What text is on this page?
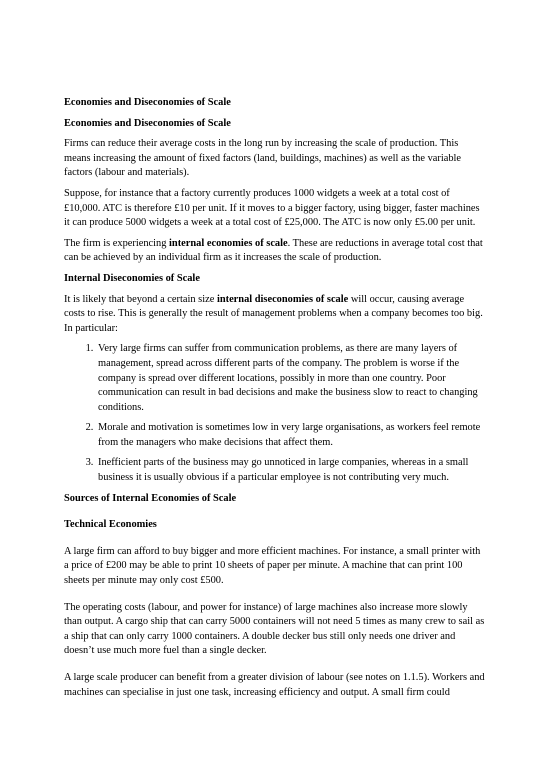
Economies and Diseconomies of Scale
Economies and Diseconomies of Scale

Firms can reduce their average costs in the long run by increasing the scale of production. This means increasing the amount of fixed factors (land, buildings, machines) as well as the variable factors (labour and materials).

Suppose, for instance that a factory currently produces 1000 widgets a week at a total cost of £10,000. ATC is therefore £10 per unit. If it moves to a bigger factory, using bigger, faster machines it can produce 5000 widgets a week at a total cost of £25,000. The ATC is now only £5.00 per unit.

The firm is experiencing internal economies of scale. These are reductions in average total cost that can be achieved by an individual firm as it increases the scale of production.

Internal Diseconomies of Scale

It is likely that beyond a certain size internal diseconomies of scale will occur, causing average costs to rise. This is generally the result of management problems when a company becomes too big. In particular:

1. Very large firms can suffer from communication problems, as there are many layers of management, spread across different parts of the company. The problem is worse if the company is spread over different locations, possibly in more than one country. Poor communication can result in bad decisions and make the business slow to react to changing conditions.
2. Morale and motivation is sometimes low in very large organisations, as workers feel remote from the managers who make decisions that affect them.
3. Inefficient parts of the business may go unnoticed in large companies, whereas in a small business it is usually obvious if a particular employee is not contributing very much.
Sources of Internal Economies of Scale
Technical Economies

A large firm can afford to buy bigger and more efficient machines. For instance, a small printer with a price of £200 may be able to print 10 sheets of paper per minute. A machine that can print 100 sheets per minute may only cost £500.

The operating costs (labour, and power for instance) of large machines also increase more slowly than output. A cargo ship that can carry 5000 containers will not need 5 times as many crew to sail as a ship that can only carry 1000 containers. A double decker bus still only needs one driver and doesn’t use much more fuel than a single decker.

A large scale producer can benefit from a greater division of labour (see notes on 1.1.5). Workers and machines can specialise in just one task, increasing efficiency and output. A small firm could
